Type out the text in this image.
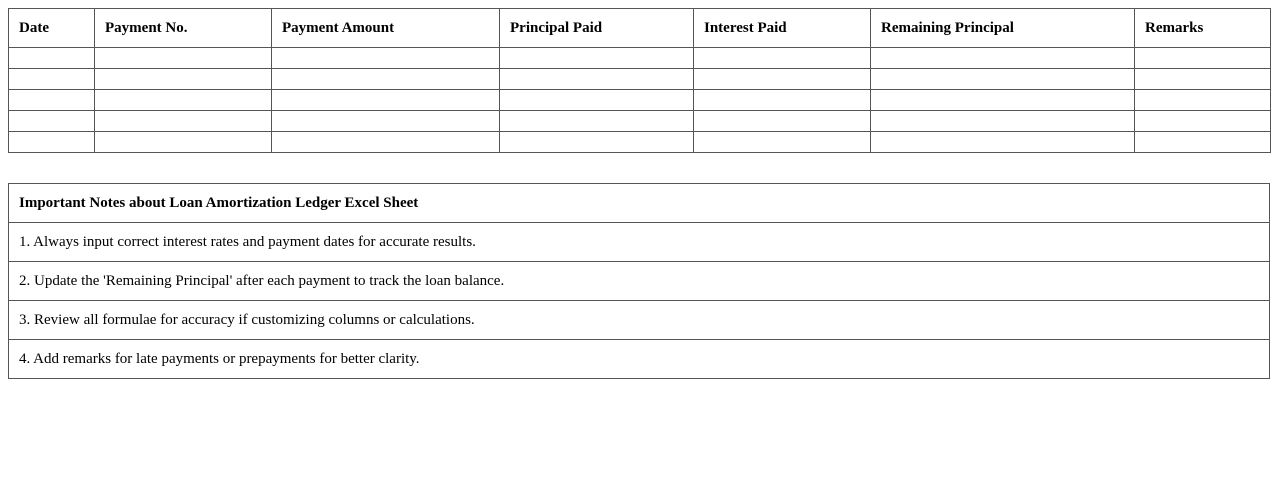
Date	Payment No.	Payment Amount	Principal Paid	Interest Paid	Remaining Principal	Remarks

Important Notes about Loan Amortization Ledger Excel Sheet
1. Always input correct interest rates and payment dates for accurate results.
2. Update the 'Remaining Principal' after each payment to track the loan balance.
3. Review all formulae for accuracy if customizing columns or calculations.
4. Add remarks for late payments or prepayments for better clarity.
